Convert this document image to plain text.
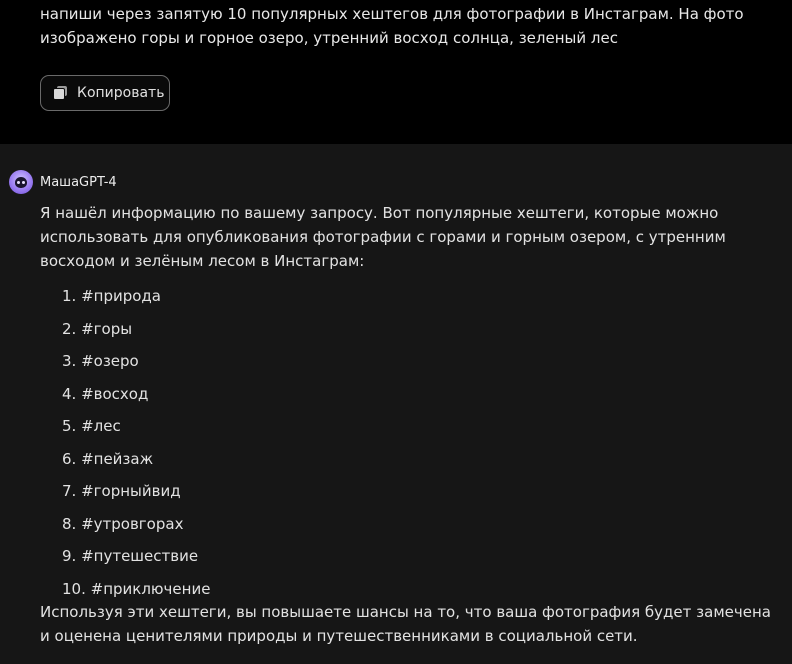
напиши через запятую 10 популярных хештегов для фотографии в Инстаграм. На фото изображено горы и горное озеро, утренний восход солнца, зеленый лес
Копировать
МашаGPT-4
Я нашёл информацию по вашему запросу. Вот популярные хештеги, которые можно использовать для опубликования фотографии с горами и горным озером, с утренним восходом и зелёным лесом в Инстаграм:
1. #природа
2. #горы
3. #озеро
4. #восход
5. #лес
6. #пейзаж
7. #горныйвид
8. #утровгорах
9. #путешествие
10. #приключение
Используя эти хештеги, вы повышаете шансы на то, что ваша фотография будет замечена и оценена ценителями природы и путешественниками в социальной сети.
